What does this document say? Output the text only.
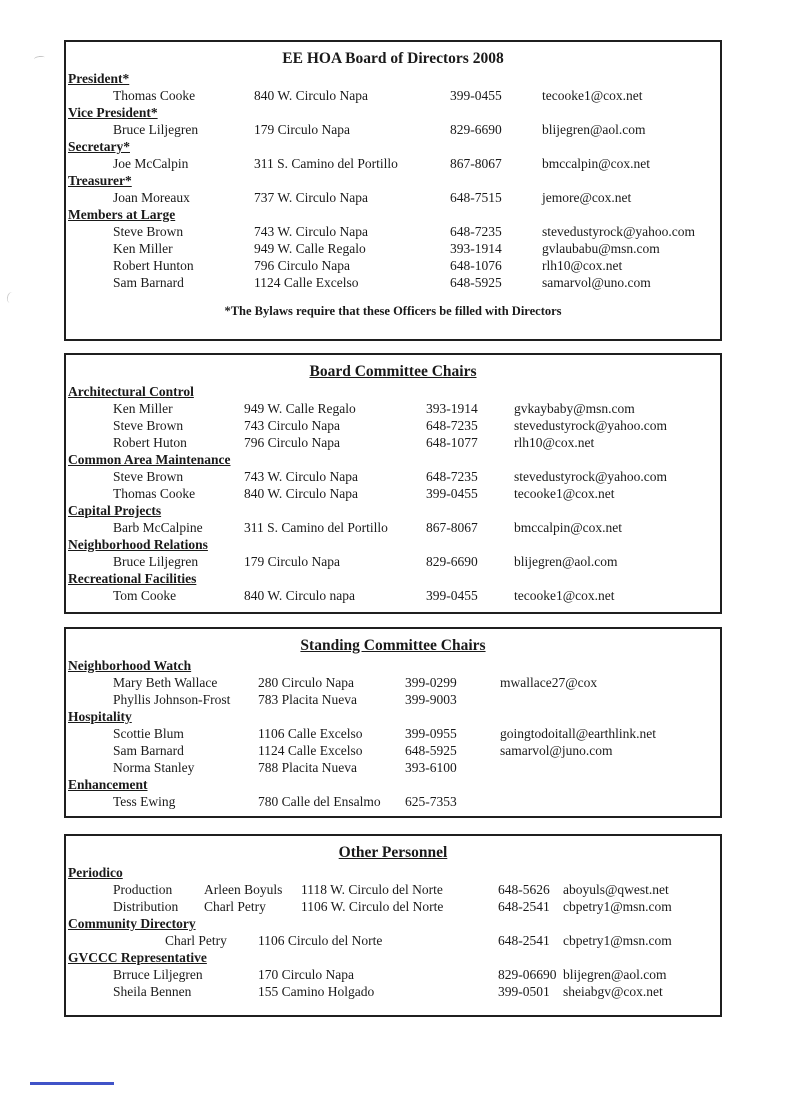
EE HOA Board of Directors 2008
President*
Thomas Cooke	840 W. Circulo Napa	399-0455	tecooke1@cox.net
Vice President*
Bruce Liljegren	179 Circulo Napa	829-6690	blijegren@aol.com
Secretary*
Joe McCalpin	311 S. Camino del Portillo	867-8067	bmccalpin@cox.net
Treasurer*
Joan Moreaux	737 W. Circulo Napa	648-7515	jemore@cox.net
Members at Large
Steve Brown	743 W. Circulo Napa	648-7235	stevedustyrock@yahoo.com
Ken Miller	949 W. Calle Regalo	393-1914	gvlaubabu@msn.com
Robert Hunton	796 Circulo Napa	648-1076	rlh10@cox.net
Sam Barnard	1124 Calle Excelso	648-5925	samarvol@uno.com

*The Bylaws require that these Officers be filled with Directors

Board Committee Chairs
Architectural Control
Ken Miller	949 W. Calle Regalo	393-1914	gvkaybaby@msn.com
Steve Brown	743 Circulo Napa	648-7235	stevedustyrock@yahoo.com
Robert Huton	796 Circulo Napa	648-1077	rlh10@cox.net
Common Area Maintenance
Steve Brown	743 W. Circulo Napa	648-7235	stevedustyrock@yahoo.com
Thomas Cooke	840 W. Circulo Napa	399-0455	tecooke1@cox.net
Capital Projects
Barb McCalpine	311 S. Camino del Portillo	867-8067	bmccalpin@cox.net
Neighborhood Relations
Bruce Liljegren	179 Circulo Napa	829-6690	blijegren@aol.com
Recreational Facilities
Tom Cooke	840 W. Circulo napa	399-0455	tecooke1@cox.net
Standing Committee Chairs
Neighborhood Watch
Mary Beth Wallace	280 Circulo Napa	399-0299	mwallace27@cox
Phyllis Johnson-Frost	783 Placita Nueva	399-9003
Hospitality
Scottie Blum	1106 Calle Excelso	399-0955	goingtodoitall@earthlink.net
Sam Barnard	1124 Calle Excelso	648-5925	samarvol@juno.com
Norma Stanley	788 Placita Nueva	393-6100
Enhancement
Tess Ewing	780 Calle del Ensalmo	625-7353
Other Personnel
Periodico
Production	Arleen Boyuls	1118 W. Circulo del Norte	648-5626 aboyuls@qwest.net
Distribution	Charl Petry	1106 W. Circulo del Norte	648-2541 cbpetry1@msn.com
Community Directory
Charl Petry	1106 Circulo del Norte	648-2541 cbpetry1@msn.com
GVCCC Representative
Brruce Liljegren	170 Circulo Napa	829-06690 blijegren@aol.com
Sheila Bennen	155 Camino Holgado	399-0501 sheiabgv@cox.net
